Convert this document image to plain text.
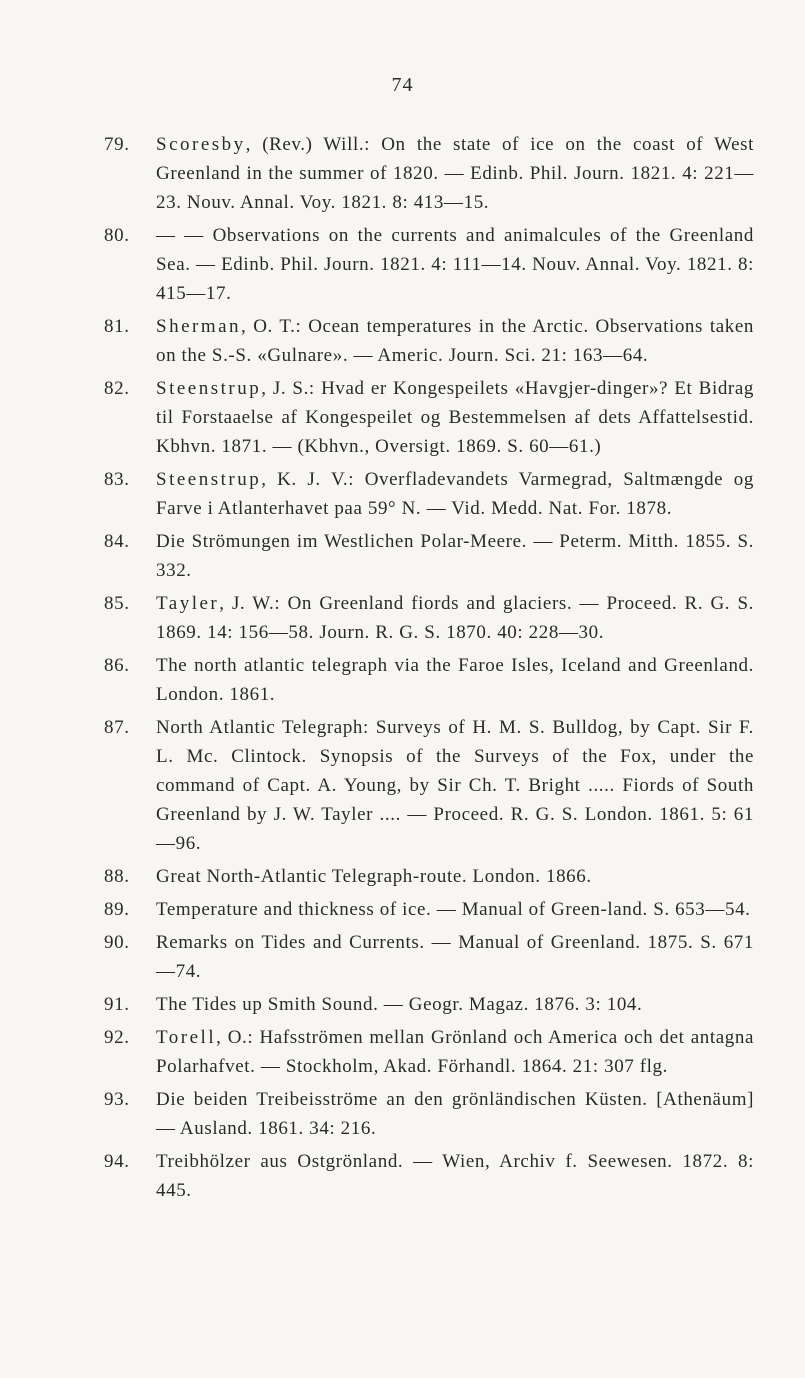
74
79.	Scoresby, (Rev.) Will.: On the state of ice on the coast of West Greenland in the summer of 1820. — Edinb. Phil. Journ. 1821. 4: 221—23. Nouv. Annal. Voy. 1821. 8: 413—15.
80.	— — Observations on the currents and animalcules of the Greenland Sea. — Edinb. Phil. Journ. 1821. 4: 111—14. Nouv. Annal. Voy. 1821. 8: 415—17.
81.	Sherman, O. T.: Ocean temperatures in the Arctic. Observations taken on the S.-S. «Gulnare». — Americ. Journ. Sci. 21: 163—64.
82.	Steenstrup, J. S.: Hvad er Kongespeilets «Havgjer-dinger»? Et Bidrag til Forstaaelse af Kongespeilet og Bestemmelsen af dets Affattelsestid. Kbhvn. 1871. — (Kbhvn., Oversigt. 1869. S. 60—61.)
83.	Steenstrup, K. J. V.: Overfladevandets Varmegrad, Saltmængde og Farve i Atlanterhavet paa 59° N. — Vid. Medd. Nat. For. 1878.
84.	Die Strömungen im Westlichen Polar-Meere. — Peterm. Mitth. 1855. S. 332.
85.	Tayler, J. W.: On Greenland fiords and glaciers. — Proceed. R. G. S. 1869. 14: 156—58. Journ. R. G. S. 1870. 40: 228—30.
86.	The north atlantic telegraph via the Faroe Isles, Iceland and Greenland. London. 1861.
87.	North Atlantic Telegraph: Surveys of H. M. S. Bulldog, by Capt. Sir F. L. Mc. Clintock. Synopsis of the Surveys of the Fox, under the command of Capt. A. Young, by Sir Ch. T. Bright ..... Fiords of South Greenland by J. W. Tayler .... — Proceed. R. G. S. London. 1861. 5: 61—96.
88.	Great North-Atlantic Telegraph-route. London. 1866.
89.	Temperature and thickness of ice. — Manual of Green-land. S. 653—54.
90.	Remarks on Tides and Currents. — Manual of Greenland. 1875. S. 671—74.
91.	The Tides up Smith Sound. — Geogr. Magaz. 1876. 3: 104.
92.	Torell, O.: Hafsströmen mellan Grönland och America och det antagna Polarhafvet. — Stockholm, Akad. Förhandl. 1864. 21: 307 flg.
93.	Die beiden Treibeisströme an den grönländischen Küsten. [Athenäum] — Ausland. 1861. 34: 216.
94.	Treibhölzer aus Ostgrönland. — Wien, Archiv f. Seewesen. 1872. 8: 445.
